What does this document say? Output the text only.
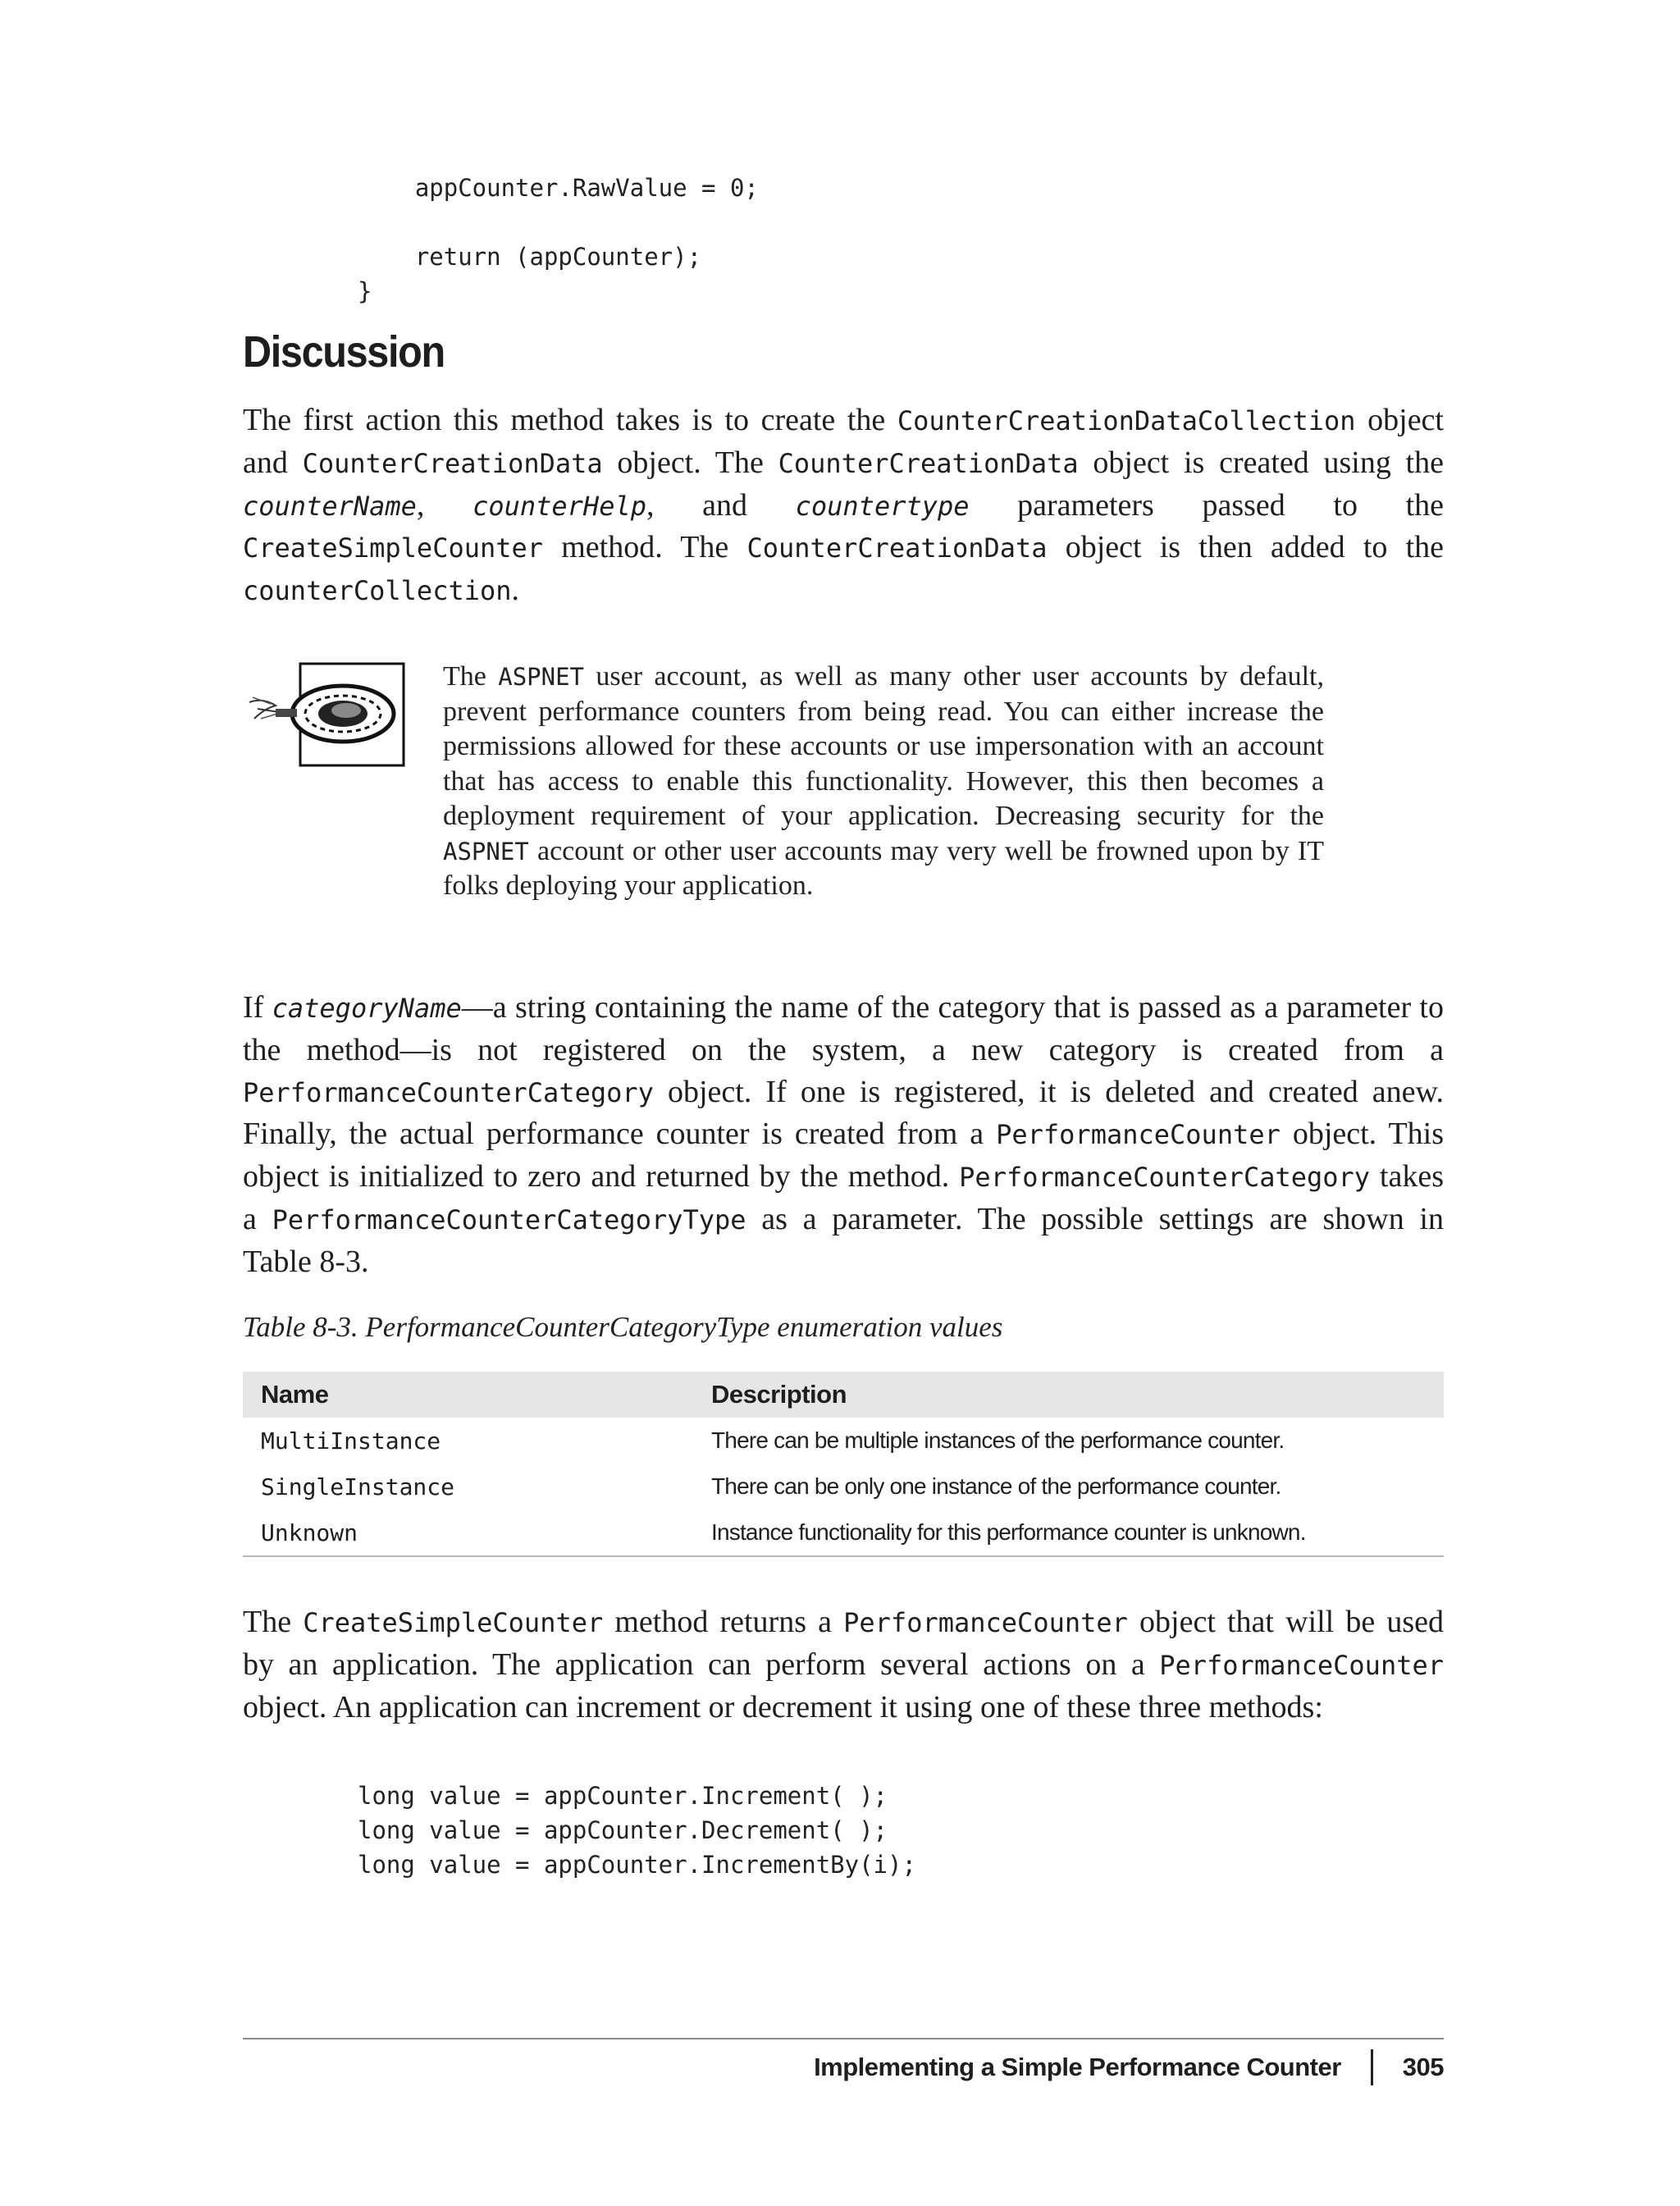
appCounter.RawValue = 0;

return (appCounter);
}
Discussion

The first action this method takes is to create the CounterCreationDataCollection object and CounterCreationData object. The CounterCreationData object is created using the counterName, counterHelp, and countertype parameters passed to the CreateSimpleCounter method. The CounterCreationData object is then added to the counterCollection.

The ASPNET user account, as well as many other user accounts by default, prevent performance counters from being read. You can either increase the permissions allowed for these accounts or use impersonation with an account that has access to enable this functionality. However, this then becomes a deployment requirement of your application. Decreasing security for the ASPNET account or other user accounts may very well be frowned upon by IT folks deploying your application.

If categoryName—a string containing the name of the category that is passed as a parameter to the method—is not registered on the system, a new category is created from a PerformanceCounterCategory object. If one is registered, it is deleted and created anew. Finally, the actual performance counter is created from a PerformanceCounter object. This object is initialized to zero and returned by the method. PerformanceCounterCategory takes a PerformanceCounterCategoryType as a parameter. The possible settings are shown in Table 8-3.

Table 8-3. PerformanceCounterCategoryType enumeration values

Name	Description
MultiInstance	There can be multiple instances of the performance counter.
SingleInstance	There can be only one instance of the performance counter.
Unknown	Instance functionality for this performance counter is unknown.

The CreateSimpleCounter method returns a PerformanceCounter object that will be used by an application. The application can perform several actions on a PerformanceCounter object. An application can increment or decrement it using one of these three methods:

long value = appCounter.Increment( );
long value = appCounter.Decrement( );
long value = appCounter.IncrementBy(i);
Implementing a Simple Performance Counter 305
